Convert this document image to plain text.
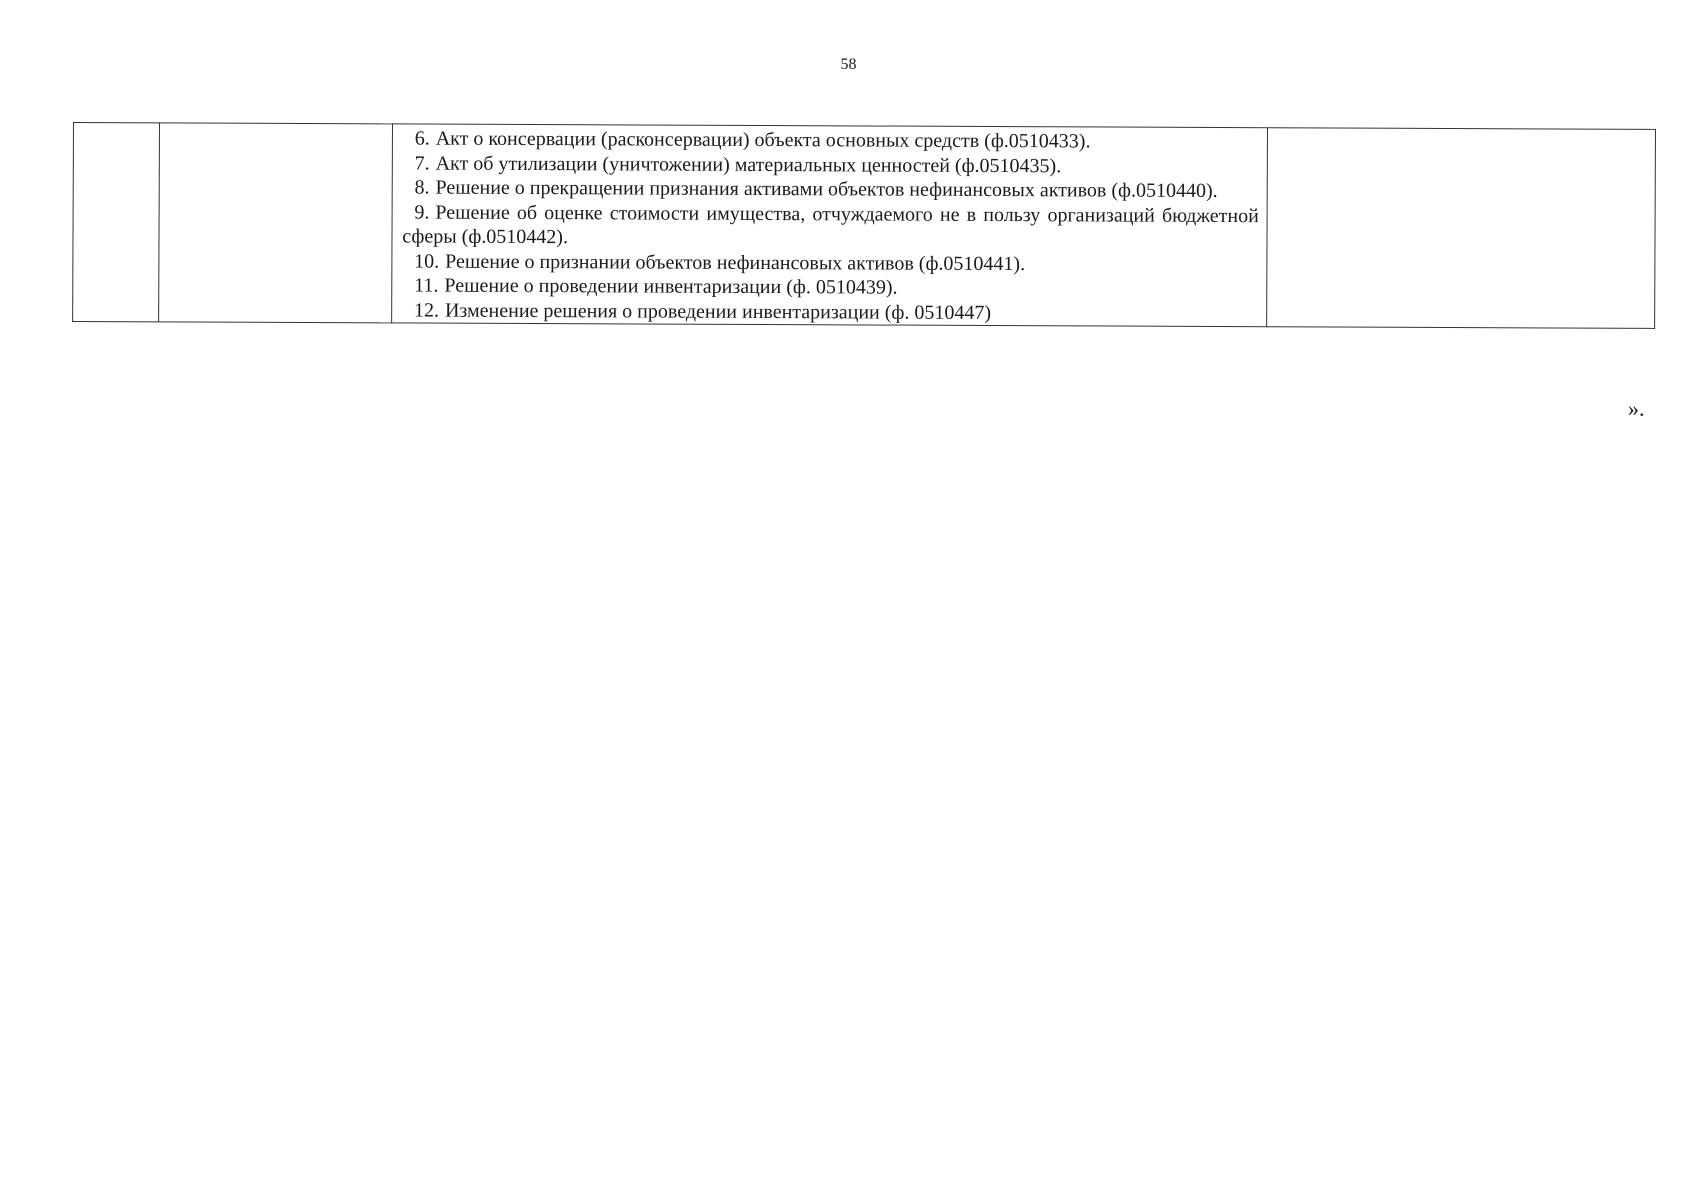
58

6. Акт о консервации (расконсервации) объекта основных средств (ф.0510433).

7. Акт об утилизации (уничтожении) материальных ценностей (ф.0510435).

8. Решение о прекращении признания активами объектов нефинансовых активов (ф.0510440).

9. Решение об оценке стоимости имущества, отчуждаемого не в пользу организаций бюджетной сферы (ф.0510442).

10. Решение о признании объектов нефинансовых активов (ф.0510441).

11. Решение о проведении инвентаризации (ф. 0510439).

12. Изменение решения о проведении инвентаризации (ф. 0510447)

».
